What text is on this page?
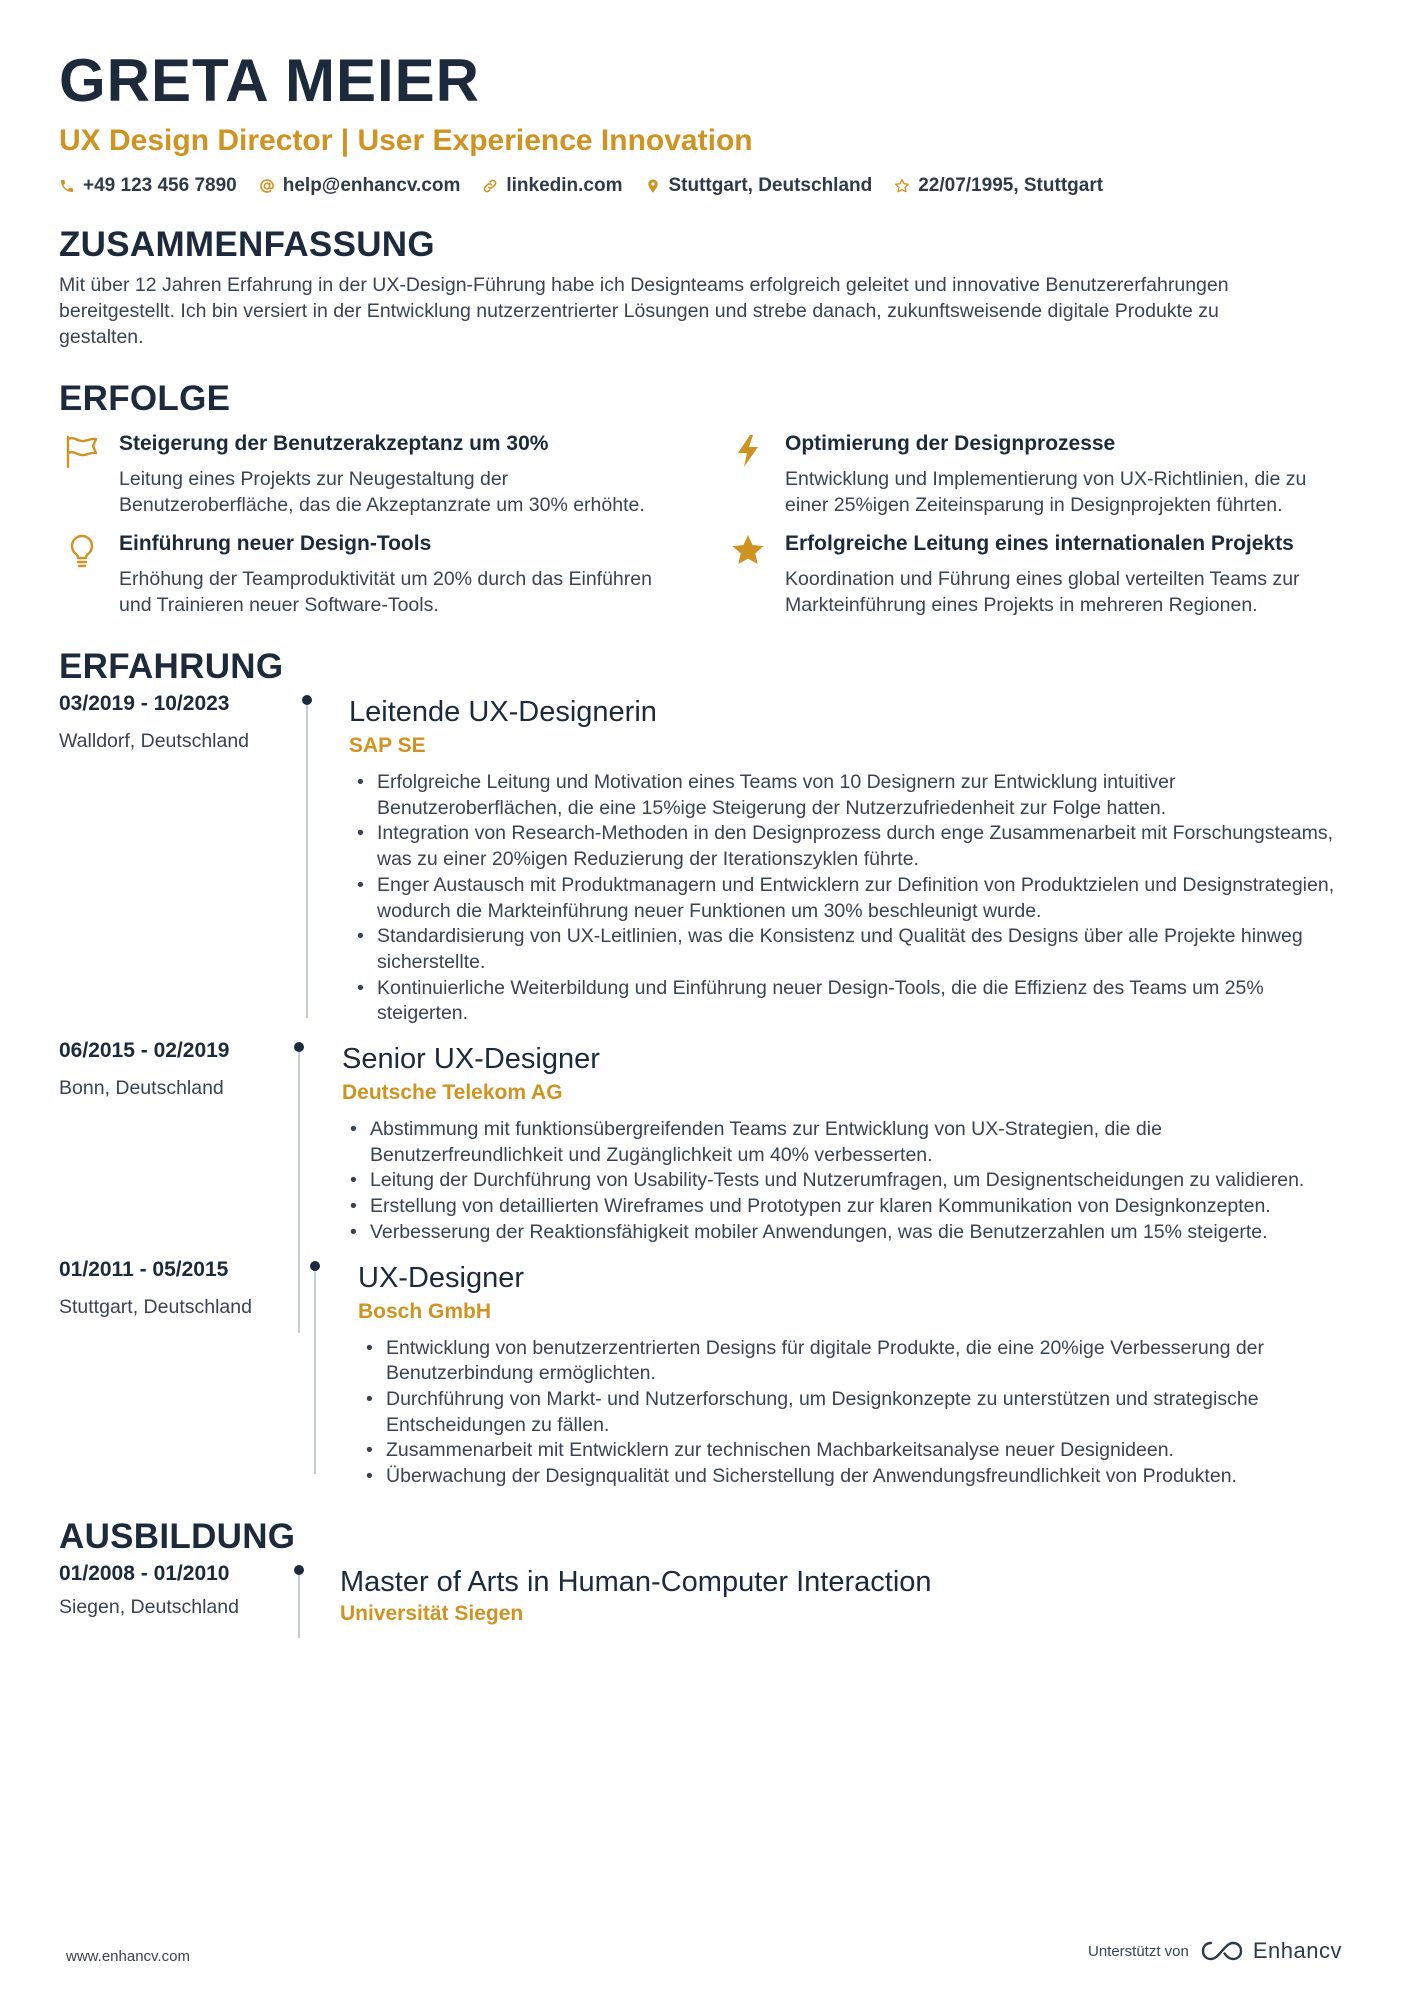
GRETA MEIER
UX Design Director | User Experience Innovation
+49 123 456 7890 help@enhancv.com linkedin.com Stuttgart, Deutschland 22/07/1995, Stuttgart
ZUSAMMENFASSUNG
Mit über 12 Jahren Erfahrung in der UX-Design-Führung habe ich Designteams erfolgreich geleitet und innovative Benutzererfahrungen bereitgestellt. Ich bin versiert in der Entwicklung nutzerzentrierter Lösungen und strebe danach, zukunftsweisende digitale Produkte zu gestalten.
ERFOLGE
Steigerung der Benutzerakzeptanz um 30%
Leitung eines Projekts zur Neugestaltung der Benutzeroberfläche, das die Akzeptanzrate um 30% erhöhte.
Optimierung der Designprozesse
Entwicklung und Implementierung von UX-Richtlinien, die zu einer 25%igen Zeiteinsparung in Designprojekten führten.
Einführung neuer Design-Tools
Erhöhung der Teamproduktivität um 20% durch das Einführen und Trainieren neuer Software-Tools.
Erfolgreiche Leitung eines internationalen Projekts
Koordination und Führung eines global verteilten Teams zur Markteinführung eines Projekts in mehreren Regionen.
ERFAHRUNG
03/2019 - 10/2023
Walldorf, Deutschland
Leitende UX-Designerin
SAP SE
• Erfolgreiche Leitung und Motivation eines Teams von 10 Designern zur Entwicklung intuitiver Benutzeroberflächen, die eine 15%ige Steigerung der Nutzerzufriedenheit zur Folge hatten.
• Integration von Research-Methoden in den Designprozess durch enge Zusammenarbeit mit Forschungsteams, was zu einer 20%igen Reduzierung der Iterationszyklen führte.
• Enger Austausch mit Produktmanagern und Entwicklern zur Definition von Produktzielen und Designstrategien, wodurch die Markteinführung neuer Funktionen um 30% beschleunigt wurde.
• Standardisierung von UX-Leitlinien, was die Konsistenz und Qualität des Designs über alle Projekte hinweg sicherstellte.
• Kontinuierliche Weiterbildung und Einführung neuer Design-Tools, die die Effizienz des Teams um 25% steigerten.
06/2015 - 02/2019
Bonn, Deutschland
Senior UX-Designer
Deutsche Telekom AG
• Abstimmung mit funktionsübergreifenden Teams zur Entwicklung von UX-Strategien, die die Benutzerfreundlichkeit und Zugänglichkeit um 40% verbesserten.
• Leitung der Durchführung von Usability-Tests und Nutzerumfragen, um Designentscheidungen zu validieren.
• Erstellung von detaillierten Wireframes und Prototypen zur klaren Kommunikation von Designkonzepten.
• Verbesserung der Reaktionsfähigkeit mobiler Anwendungen, was die Benutzerzahlen um 15% steigerte.
01/2011 - 05/2015
Stuttgart, Deutschland
UX-Designer
Bosch GmbH
• Entwicklung von benutzerzentrierten Designs für digitale Produkte, die eine 20%ige Verbesserung der Benutzerbindung ermöglichten.
• Durchführung von Markt- und Nutzerforschung, um Designkonzepte zu unterstützen und strategische Entscheidungen zu fällen.
• Zusammenarbeit mit Entwicklern zur technischen Machbarkeitsanalyse neuer Designideen.
• Überwachung der Designqualität und Sicherstellung der Anwendungsfreundlichkeit von Produkten.
AUSBILDUNG
01/2008 - 01/2010
Siegen, Deutschland
Master of Arts in Human-Computer Interaction
Universität Siegen
www.enhancv.com	Unterstützt von	Enhancv
